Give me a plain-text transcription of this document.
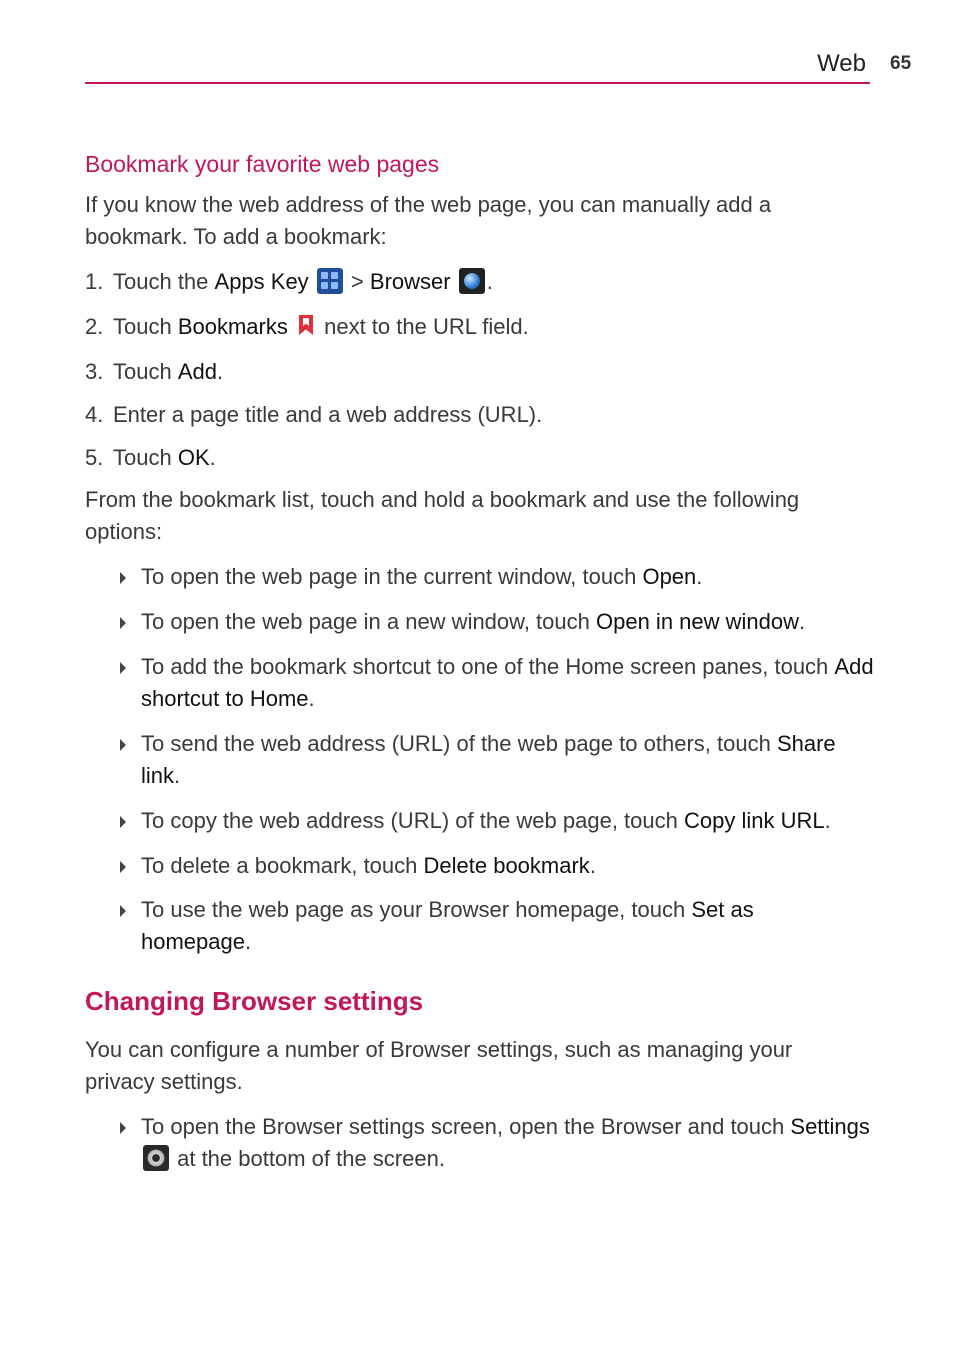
Web 65
Bookmark your favorite web pages
If you know the web address of the web page, you can manually add a bookmark. To add a bookmark:
1. Touch the Apps Key  > Browser .
2. Touch Bookmarks  next to the URL field.
3. Touch Add.
4. Enter a page title and a web address (URL).
5. Touch OK.
From the bookmark list, touch and hold a bookmark and use the following options:
To open the web page in the current window, touch Open.
To open the web page in a new window, touch Open in new window.
To add the bookmark shortcut to one of the Home screen panes, touch Add shortcut to Home.
To send the web address (URL) of the web page to others, touch Share link.
To copy the web address (URL) of the web page, touch Copy link URL.
To delete a bookmark, touch Delete bookmark.
To use the web page as your Browser homepage, touch Set as homepage.
Changing Browser settings
You can configure a number of Browser settings, such as managing your privacy settings.
To open the Browser settings screen, open the Browser and touch Settings  at the bottom of the screen.
